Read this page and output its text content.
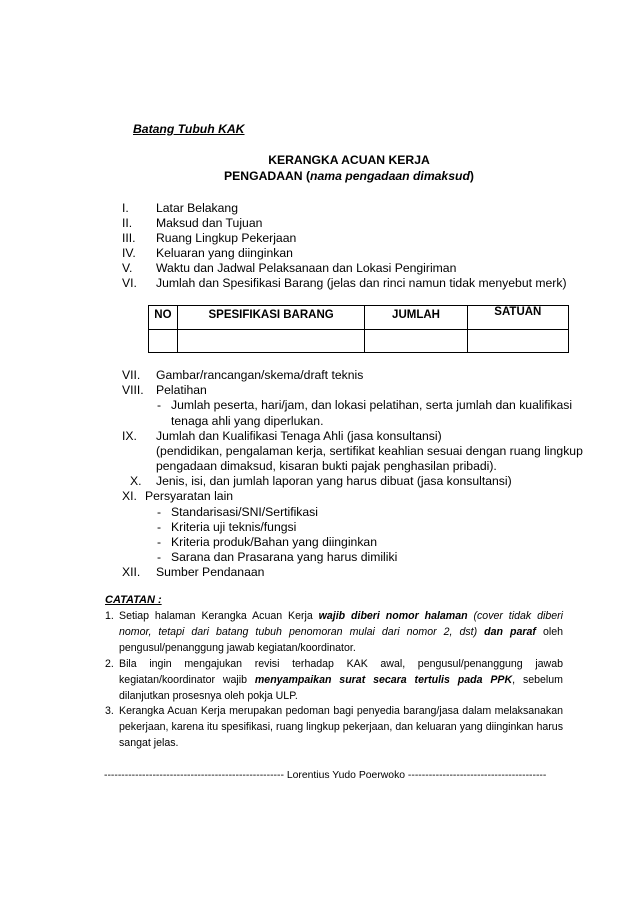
Batang Tubuh KAK
KERANGKA ACUAN KERJA
PENGADAAN (nama pengadaan dimaksud)
I. Latar Belakang
II. Maksud dan Tujuan
III. Ruang Lingkup Pekerjaan
IV. Keluaran yang diinginkan
V. Waktu dan Jadwal Pelaksanaan dan Lokasi Pengiriman
VI. Jumlah dan Spesifikasi Barang (jelas dan rinci namun tidak menyebut merk)
NO	SPESIFIKASI BARANG	JUMLAH	SATUAN

VII. Gambar/rancangan/skema/draft teknis
VIII. Pelatihan
- Jumlah peserta, hari/jam, dan lokasi pelatihan, serta jumlah dan kualifikasi
tenaga ahli yang diperlukan.
IX. Jumlah dan Kualifikasi Tenaga Ahli (jasa konsultansi)
(pendidikan, pengalaman kerja, sertifikat keahlian sesuai dengan ruang lingkup
pengadaan dimaksud, kisaran bukti pajak penghasilan pribadi).
X. Jenis, isi, dan jumlah laporan yang harus dibuat (jasa konsultansi)
XI. Persyaratan lain
- Standarisasi/SNI/Sertifikasi
- Kriteria uji teknis/fungsi
- Kriteria produk/Bahan yang diinginkan
- Sarana dan Prasarana yang harus dimiliki
XII. Sumber Pendanaan
CATATAN :
1. Setiap halaman Kerangka Acuan Kerja wajib diberi nomor halaman (cover tidak diberi nomor, tetapi dari batang tubuh penomoran mulai dari nomor 2, dst) dan paraf oleh pengusul/penanggung jawab kegiatan/koordinator.
2. Bila ingin mengajukan revisi terhadap KAK awal, pengusul/penanggung jawab kegiatan/koordinator wajib menyampaikan surat secara tertulis pada PPK, sebelum dilanjutkan prosesnya oleh pokja ULP.
3. Kerangka Acuan Kerja merupakan pedoman bagi penyedia barang/jasa dalam melaksanakan pekerjaan, karena itu spesifikasi, ruang lingkup pekerjaan, dan keluaran yang diinginkan harus sangat jelas.
---------------------------------------------------- Lorentius Yudo Poerwoko ----------------------------------------
